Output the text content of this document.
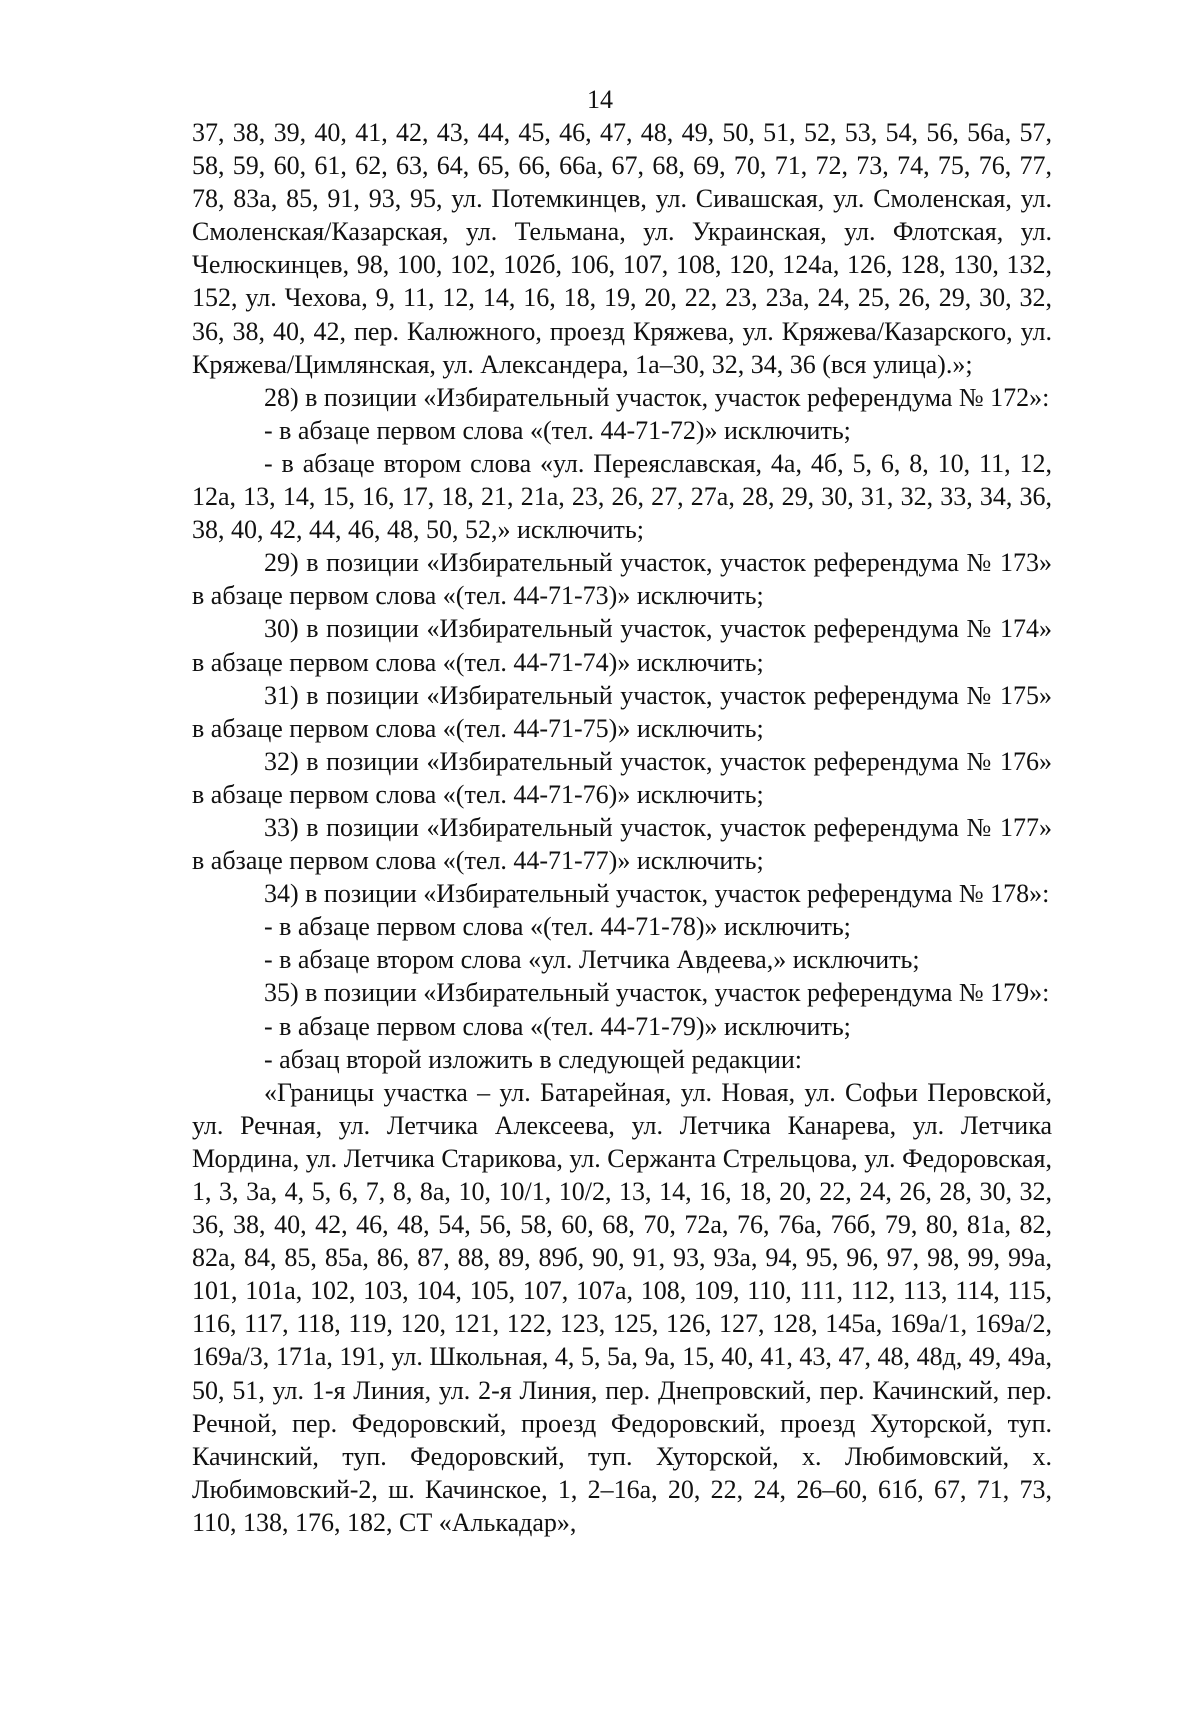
14

37, 38, 39, 40, 41, 42, 43, 44, 45, 46, 47, 48, 49, 50, 51, 52, 53, 54, 56, 56а, 57, 58, 59, 60, 61, 62, 63, 64, 65, 66, 66а, 67, 68, 69, 70, 71, 72, 73, 74, 75, 76, 77, 78, 83а, 85, 91, 93, 95, ул. Потемкинцев, ул. Сивашская, ул. Смоленская, ул. Смоленская/Казарская, ул. Тельмана, ул. Украинская, ул. Флотская, ул. Челюскинцев, 98, 100, 102, 102б, 106, 107, 108, 120, 124а, 126, 128, 130, 132, 152, ул. Чехова, 9, 11, 12, 14, 16, 18, 19, 20, 22, 23, 23а, 24, 25, 26, 29, 30, 32, 36, 38, 40, 42, пер. Калюжного, проезд Кряжева, ул. Кряжева/Казарского, ул. Кряжева/Цимлянская, ул. Александера, 1а–30, 32, 34, 36 (вся улица).»;

28) в позиции «Избирательный участок, участок референдума № 172»:

- в абзаце первом слова «(тел. 44-71-72)» исключить;

- в абзаце втором слова «ул. Переяславская, 4а, 4б, 5, 6, 8, 10, 11, 12, 12а, 13, 14, 15, 16, 17, 18, 21, 21а, 23, 26, 27, 27а, 28, 29, 30, 31, 32, 33, 34, 36, 38, 40, 42, 44, 46, 48, 50, 52,» исключить;

29) в позиции «Избирательный участок, участок референдума № 173» в абзаце первом слова «(тел. 44-71-73)» исключить;

30) в позиции «Избирательный участок, участок референдума № 174» в абзаце первом слова «(тел. 44-71-74)» исключить;

31) в позиции «Избирательный участок, участок референдума № 175» в абзаце первом слова «(тел. 44-71-75)» исключить;

32) в позиции «Избирательный участок, участок референдума № 176» в абзаце первом слова «(тел. 44-71-76)» исключить;

33) в позиции «Избирательный участок, участок референдума № 177» в абзаце первом слова «(тел. 44-71-77)» исключить;

34) в позиции «Избирательный участок, участок референдума № 178»:

- в абзаце первом слова «(тел. 44-71-78)» исключить;

- в абзаце втором слова «ул. Летчика Авдеева,» исключить;

35) в позиции «Избирательный участок, участок референдума № 179»:

- в абзаце первом слова «(тел. 44-71-79)» исключить;

- абзац второй изложить в следующей редакции:

«Границы участка – ул. Батарейная, ул. Новая, ул. Софьи Перовской, ул. Речная, ул. Летчика Алексеева, ул. Летчика Канарева, ул. Летчика Мордина, ул. Летчика Старикова, ул. Сержанта Стрельцова, ул. Федоровская, 1, 3, 3а, 4, 5, 6, 7, 8, 8а, 10, 10/1, 10/2, 13, 14, 16, 18, 20, 22, 24, 26, 28, 30, 32, 36, 38, 40, 42, 46, 48, 54, 56, 58, 60, 68, 70, 72а, 76, 76а, 76б, 79, 80, 81а, 82, 82а, 84, 85, 85а, 86, 87, 88, 89, 89б, 90, 91, 93, 93а, 94, 95, 96, 97, 98, 99, 99а, 101, 101а, 102, 103, 104, 105, 107, 107а, 108, 109, 110, 111, 112, 113, 114, 115, 116, 117, 118, 119, 120, 121, 122, 123, 125, 126, 127, 128, 145а, 169а/1, 169а/2, 169а/3, 171а, 191, ул. Школьная, 4, 5, 5а, 9а, 15, 40, 41, 43, 47, 48, 48д, 49, 49а, 50, 51, ул. 1-я Линия, ул. 2-я Линия, пер. Днепровский, пер. Качинский, пер. Речной, пер. Федоровский, проезд Федоровский, проезд Хуторской, туп. Качинский, туп. Федоровский, туп. Хуторской, х. Любимовский, х. Любимовский-2, ш. Качинское, 1, 2–16а, 20, 22, 24, 26–60, 61б, 67, 71, 73, 110, 138, 176, 182, СТ «Алькадар»,
